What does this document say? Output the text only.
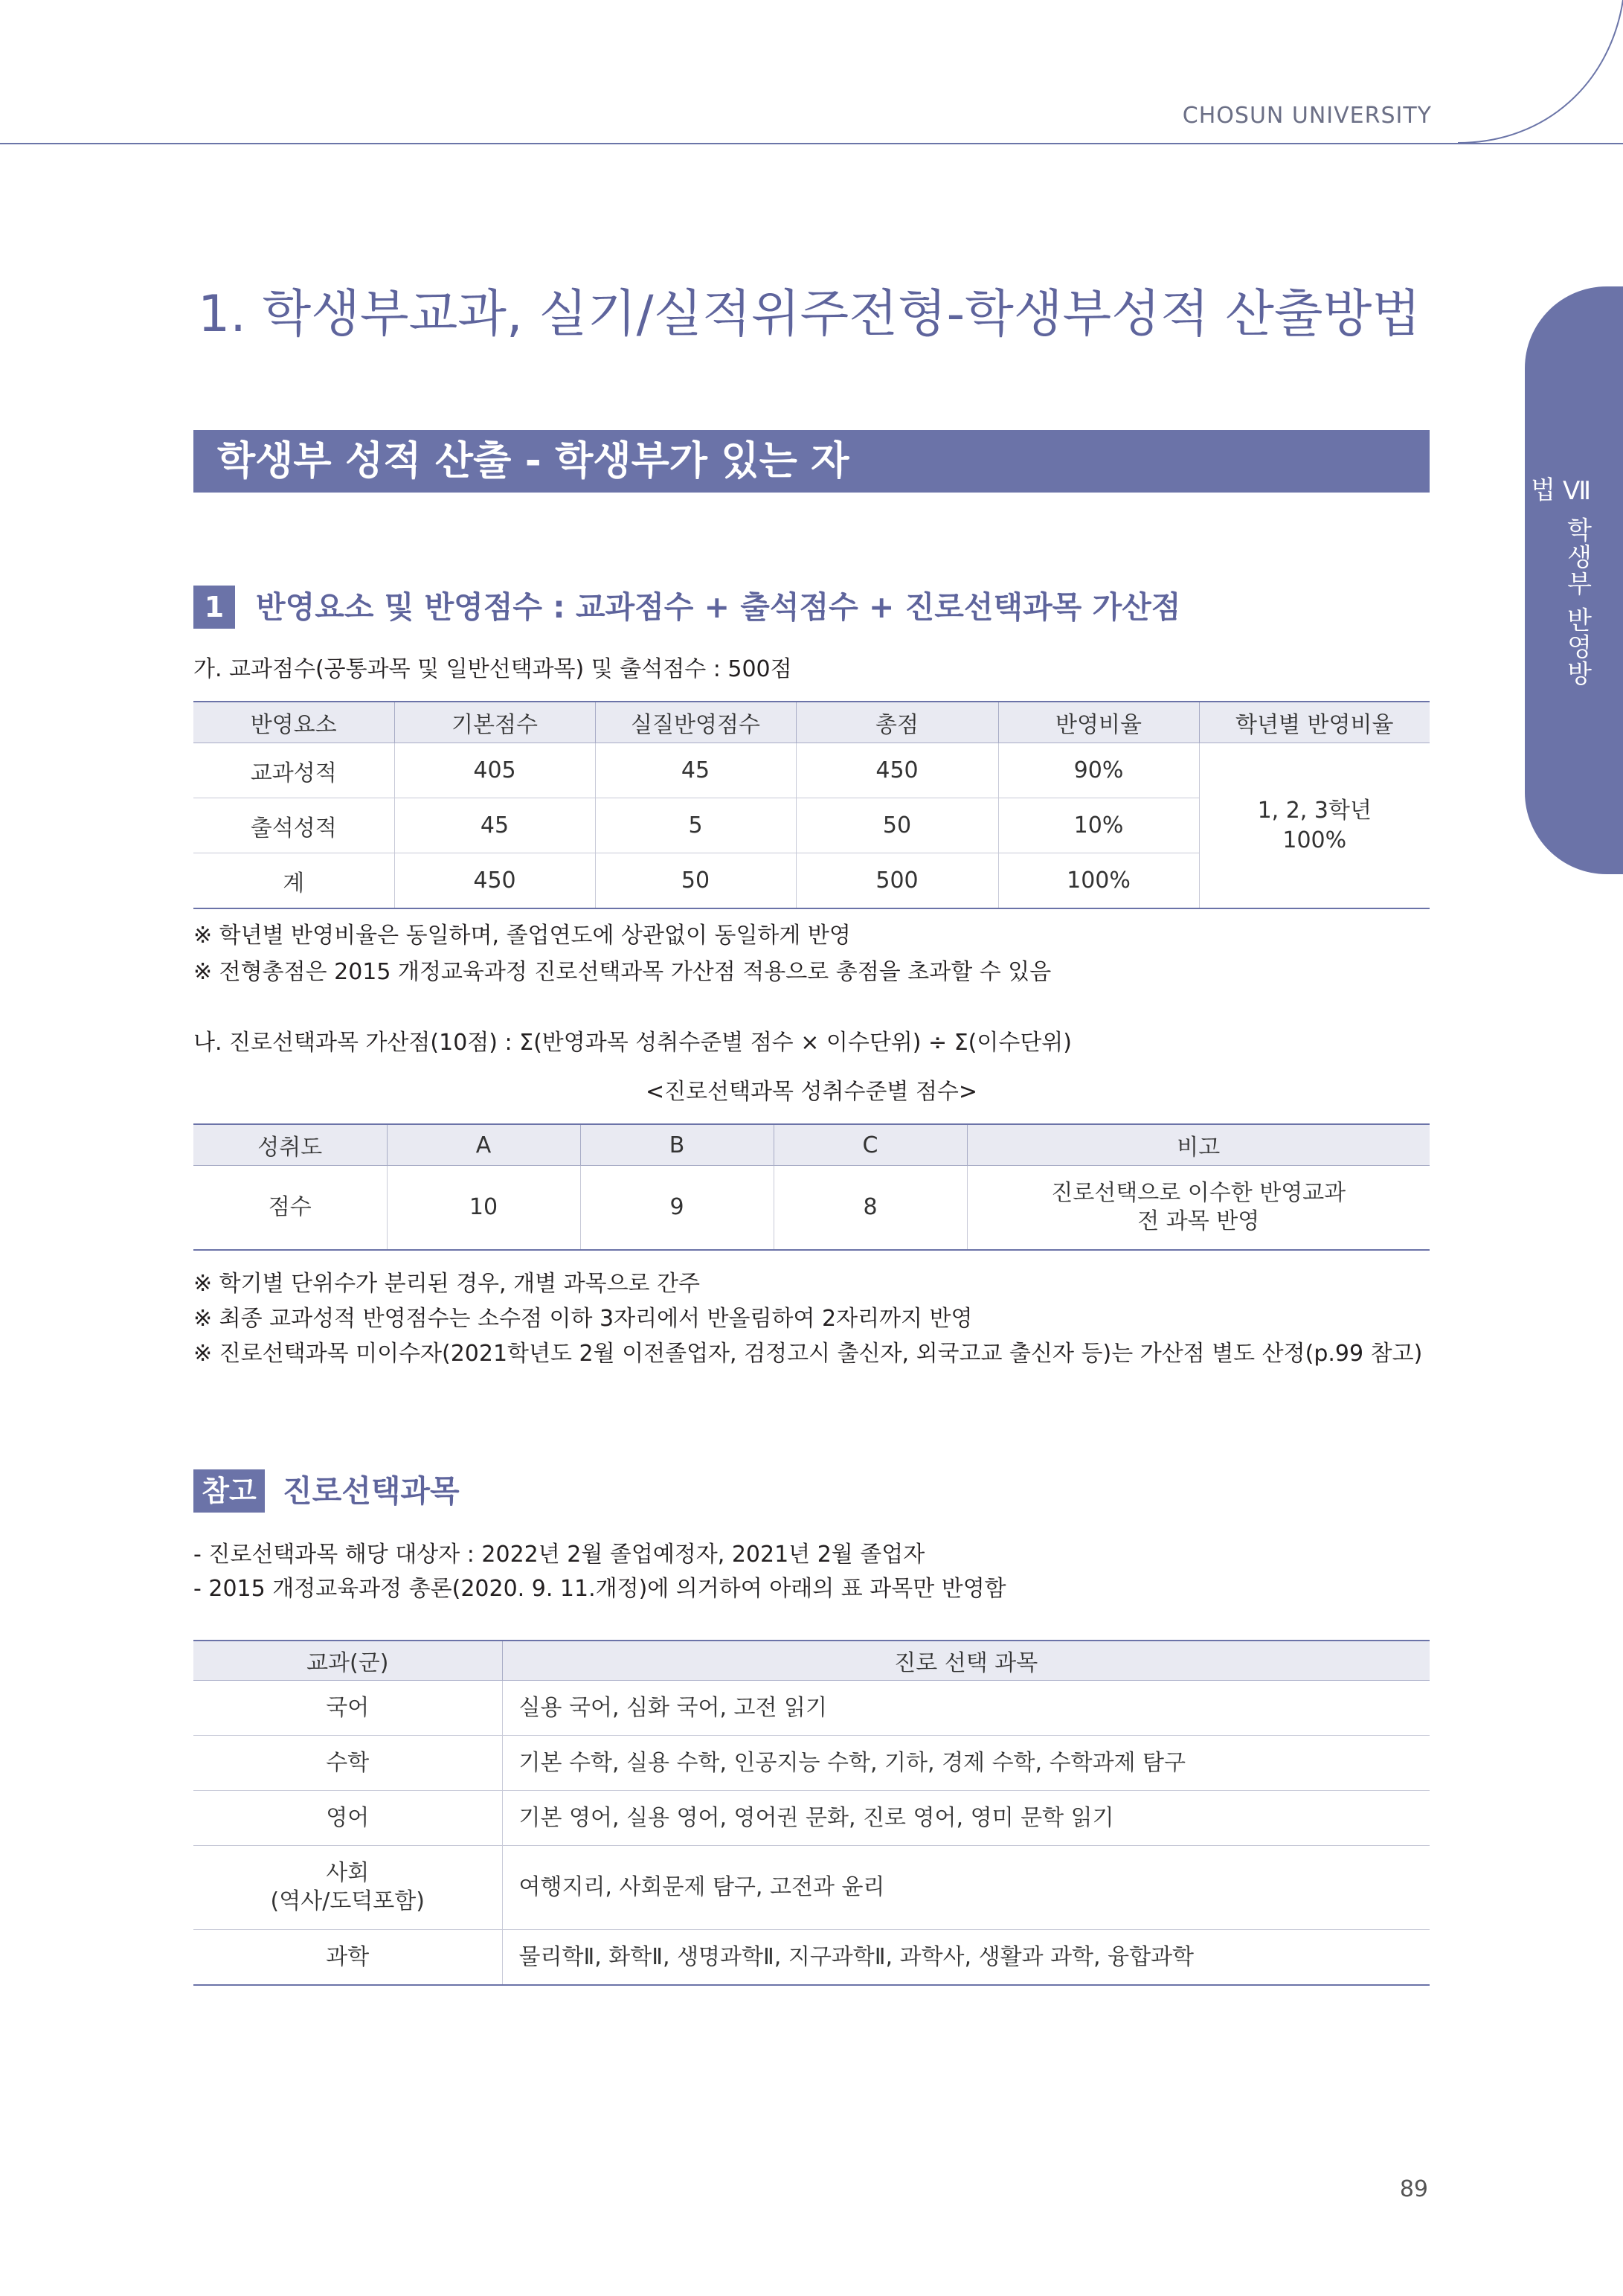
CHOSUN UNIVERSITY
Ⅶ 학생부 반영방법
1. 학생부교과, 실기/실적위주전형-학생부성적 산출방법
학생부 성적 산출 - 학생부가 있는 자
1	반영요소 및 반영점수 : 교과점수 + 출석점수 + 진로선택과목 가산점
가. 교과점수(공통과목 및 일반선택과목) 및 출석점수 : 500점
반영요소	기본점수	실질반영점수	총점	반영비율	학년별 반영비율
교과성적	405	45	450	90%	1, 2, 3학년
100%

출석성적	45	5	50	10%	
계	450	50	500	100%	
※ 학년별 반영비율은 동일하며, 졸업연도에 상관없이 동일하게 반영
※ 전형총점은 2015 개정교육과정 진로선택과목 가산점 적용으로 총점을 초과할 수 있음
나. 진로선택과목 가산점(10점) : Σ(반영과목 성취수준별 점수 × 이수단위) ÷ Σ(이수단위)
<진로선택과목 성취수준별 점수>
성취도	A	B	C	비고
점수	10	9	8	진로선택으로 이수한 반영교과
전 과목 반영
※ 학기별 단위수가 분리된 경우, 개별 과목으로 간주
※ 최종 교과성적 반영점수는 소수점 이하 3자리에서 반올림하여 2자리까지 반영
※ 진로선택과목 미이수자(2021학년도 2월 이전졸업자, 검정고시 출신자, 외국고교 출신자 등)는 가산점 별도 산정(p.99 참고)
참고 진로선택과목
- 진로선택과목 해당 대상자 : 2022년 2월 졸업예정자, 2021년 2월 졸업자
- 2015 개정교육과정 총론(2020. 9. 11.개정)에 의거하여 아래의 표 과목만 반영함
교과(군)	진로 선택 과목
국어	실용 국어, 심화 국어, 고전 읽기
수학	기본 수학, 실용 수학, 인공지능 수학, 기하, 경제 수학, 수학과제 탐구
영어	기본 영어, 실용 영어, 영어권 문화, 진로 영어, 영미 문학 읽기

사회
(역사/도덕포함)	여행지리, 사회문제 탐구, 고전과 윤리
과학	물리학Ⅱ, 화학Ⅱ, 생명과학Ⅱ, 지구과학Ⅱ, 과학사, 생활과 과학, 융합과학
89
